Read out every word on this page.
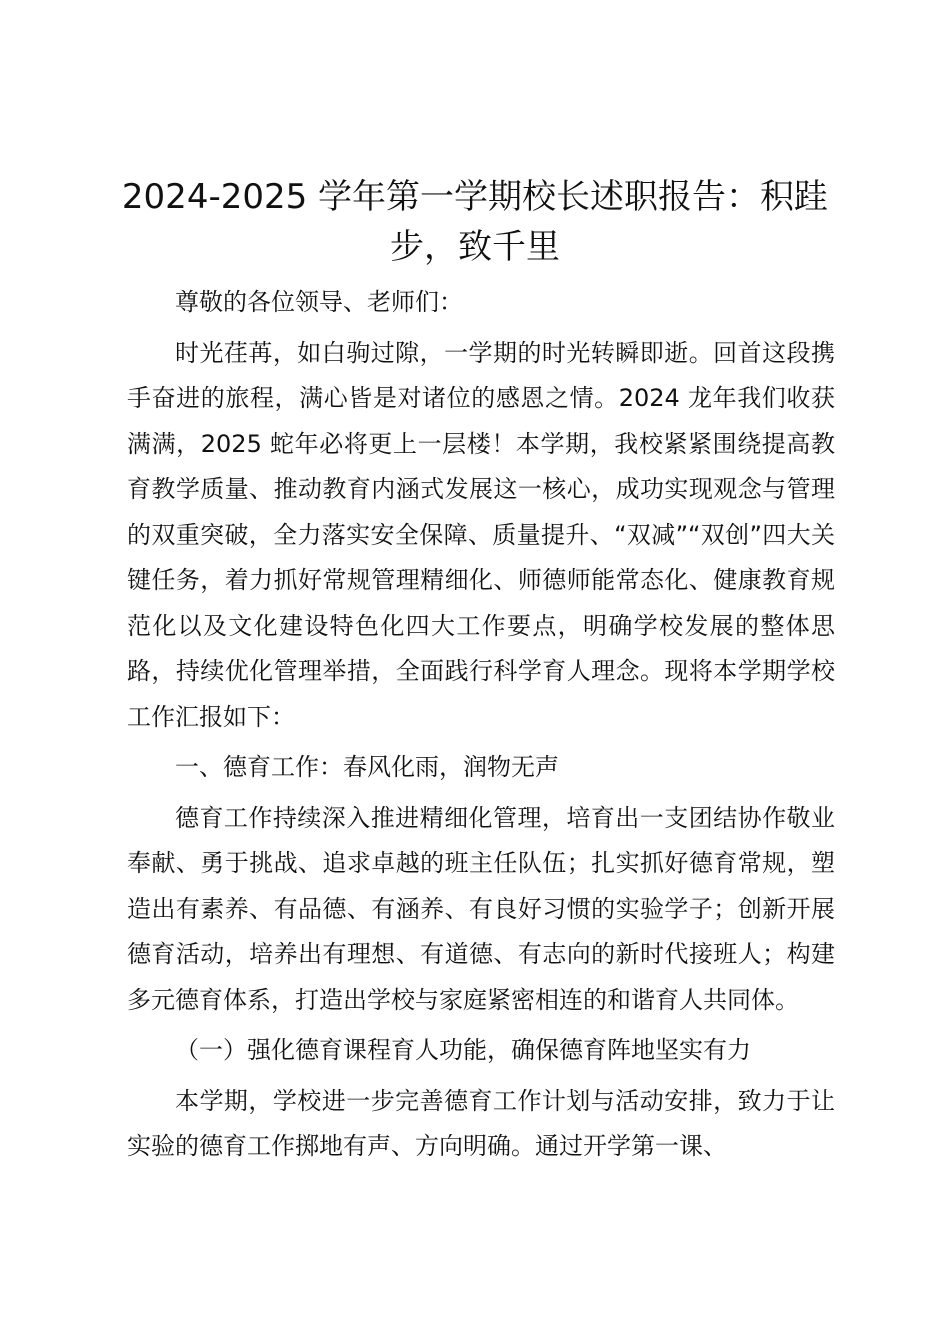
2024-2025 学年第一学期校长述职报告：积跬步，致千里

尊敬的各位领导、老师们：

时光荏苒，如白驹过隙，一学期的时光转瞬即逝。回首这段携手奋进的旅程，满心皆是对诸位的感恩之情。2024 龙年我们收获满满，2025 蛇年必将更上一层楼！本学期，我校紧紧围绕提高教育教学质量、推动教育内涵式发展这一核心，成功实现观念与管理的双重突破，全力落实安全保障、质量提升、“双减”“双创”四大关键任务，着力抓好常规管理精细化、师德师能常态化、健康教育规范化以及文化建设特色化四大工作要点，明确学校发展的整体思路，持续优化管理举措，全面践行科学育人理念。现将本学期学校工作汇报如下：

一、德育工作：春风化雨，润物无声

德育工作持续深入推进精细化管理，培育出一支团结协作敬业奉献、勇于挑战、追求卓越的班主任队伍；扎实抓好德育常规，塑造出有素养、有品德、有涵养、有良好习惯的实验学子；创新开展德育活动，培养出有理想、有道德、有志向的新时代接班人；构建多元德育体系，打造出学校与家庭紧密相连的和谐育人共同体。

（一）强化德育课程育人功能，确保德育阵地坚实有力

本学期，学校进一步完善德育工作计划与活动安排，致力于让实验的德育工作掷地有声、方向明确。通过开学第一课、
